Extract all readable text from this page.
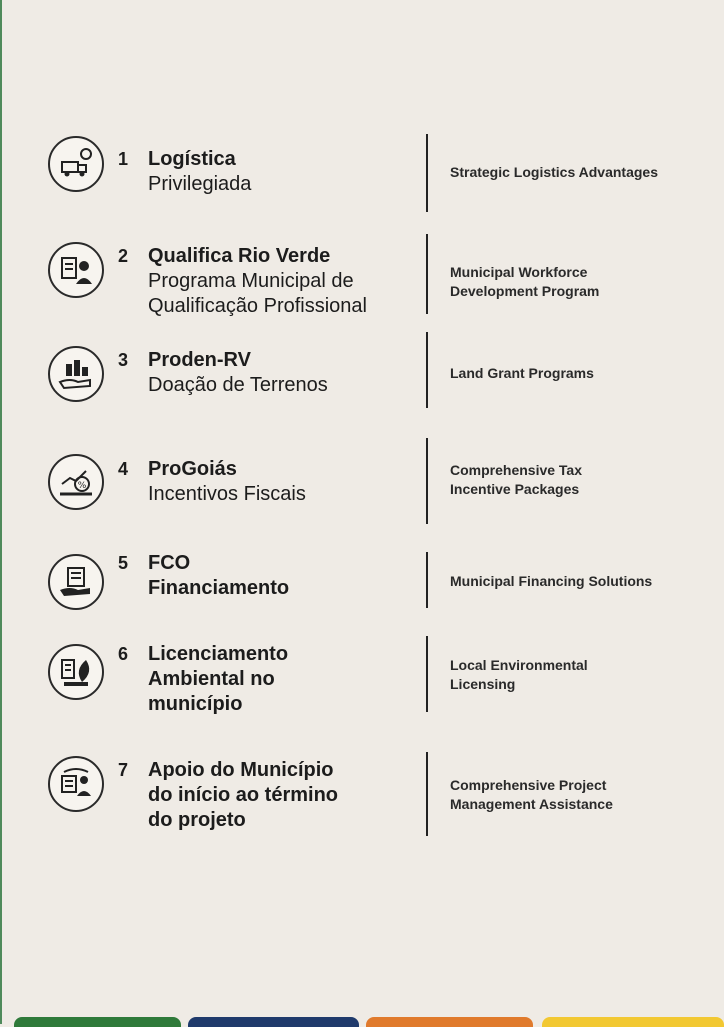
1 Logística
Privilegiada
Strategic Logistics Advantages
2 Qualifica Rio Verde
Programa Municipal de
Qualificação Profissional
Municipal Workforce
Development Program
3 Proden-RV
Doação de Terrenos
Land Grant Programs
%
4 ProGoiás
Incentivos Fiscais
Comprehensive Tax
Incentive Packages
5 FCO
Financiamento	Municipal Financing Solutions
6 Licenciamento
Ambiental no
município
Local Environmental
Licensing
7 Apoio do Município
do início ao término
do projeto
Comprehensive Project
Management Assistance
